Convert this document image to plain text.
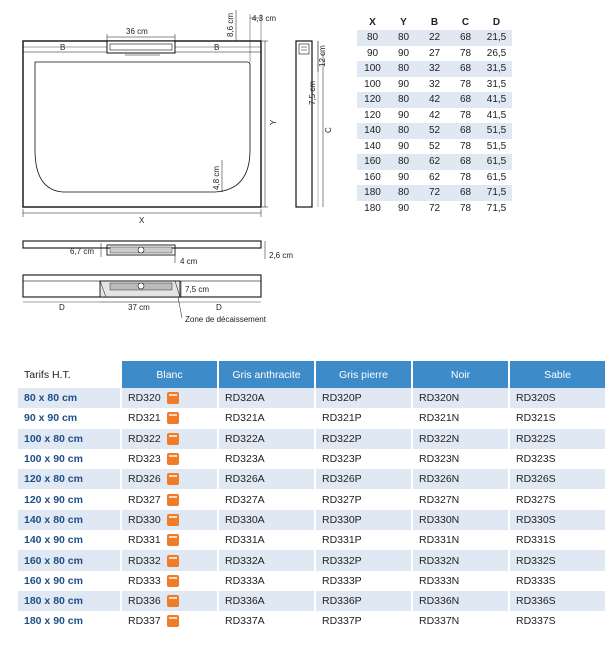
36 cm
B	B
8,6 cm 4,3 cm
Y
4,8 cm
X
12 cm
7,5 cm
C
6,7 cm
4 cm
2,6 cm
7,5 cm
D	D
37 cm
Zone de décaissement
X	Y	B	C	D
80	80	22	68	21,5
90	90	27	78	26,5
100	80	32	68	31,5
100	90	32	78	31,5
120	80	42	68	41,5
120	90	42	78	41,5
140	80	52	68	51,5
140	90	52	78	51,5
160	80	62	68	61,5
160	90	62	78	61,5
180	80	72	68	71,5
180	90	72	78	71,5
Tarifs H.T.	Blanc	Gris anthracite	Gris pierre	Noir	Sable
80 x 80 cm	RD320	RD320A	RD320P	RD320N	RD320S
90 x 90 cm	RD321	RD321A	RD321P	RD321N	RD321S
100 x 80 cm	RD322	RD322A	RD322P	RD322N	RD322S
100 x 90 cm	RD323	RD323A	RD323P	RD323N	RD323S
120 x 80 cm	RD326	RD326A	RD326P	RD326N	RD326S
120 x 90 cm	RD327	RD327A	RD327P	RD327N	RD327S
140 x 80 cm	RD330	RD330A	RD330P	RD330N	RD330S
140 x 90 cm	RD331	RD331A	RD331P	RD331N	RD331S
160 x 80 cm	RD332	RD332A	RD332P	RD332N	RD332S
160 x 90 cm	RD333	RD333A	RD333P	RD333N	RD333S
180 x 80 cm	RD336	RD336A	RD336P	RD336N	RD336S
180 x 90 cm	RD337	RD337A	RD337P	RD337N	RD337S
